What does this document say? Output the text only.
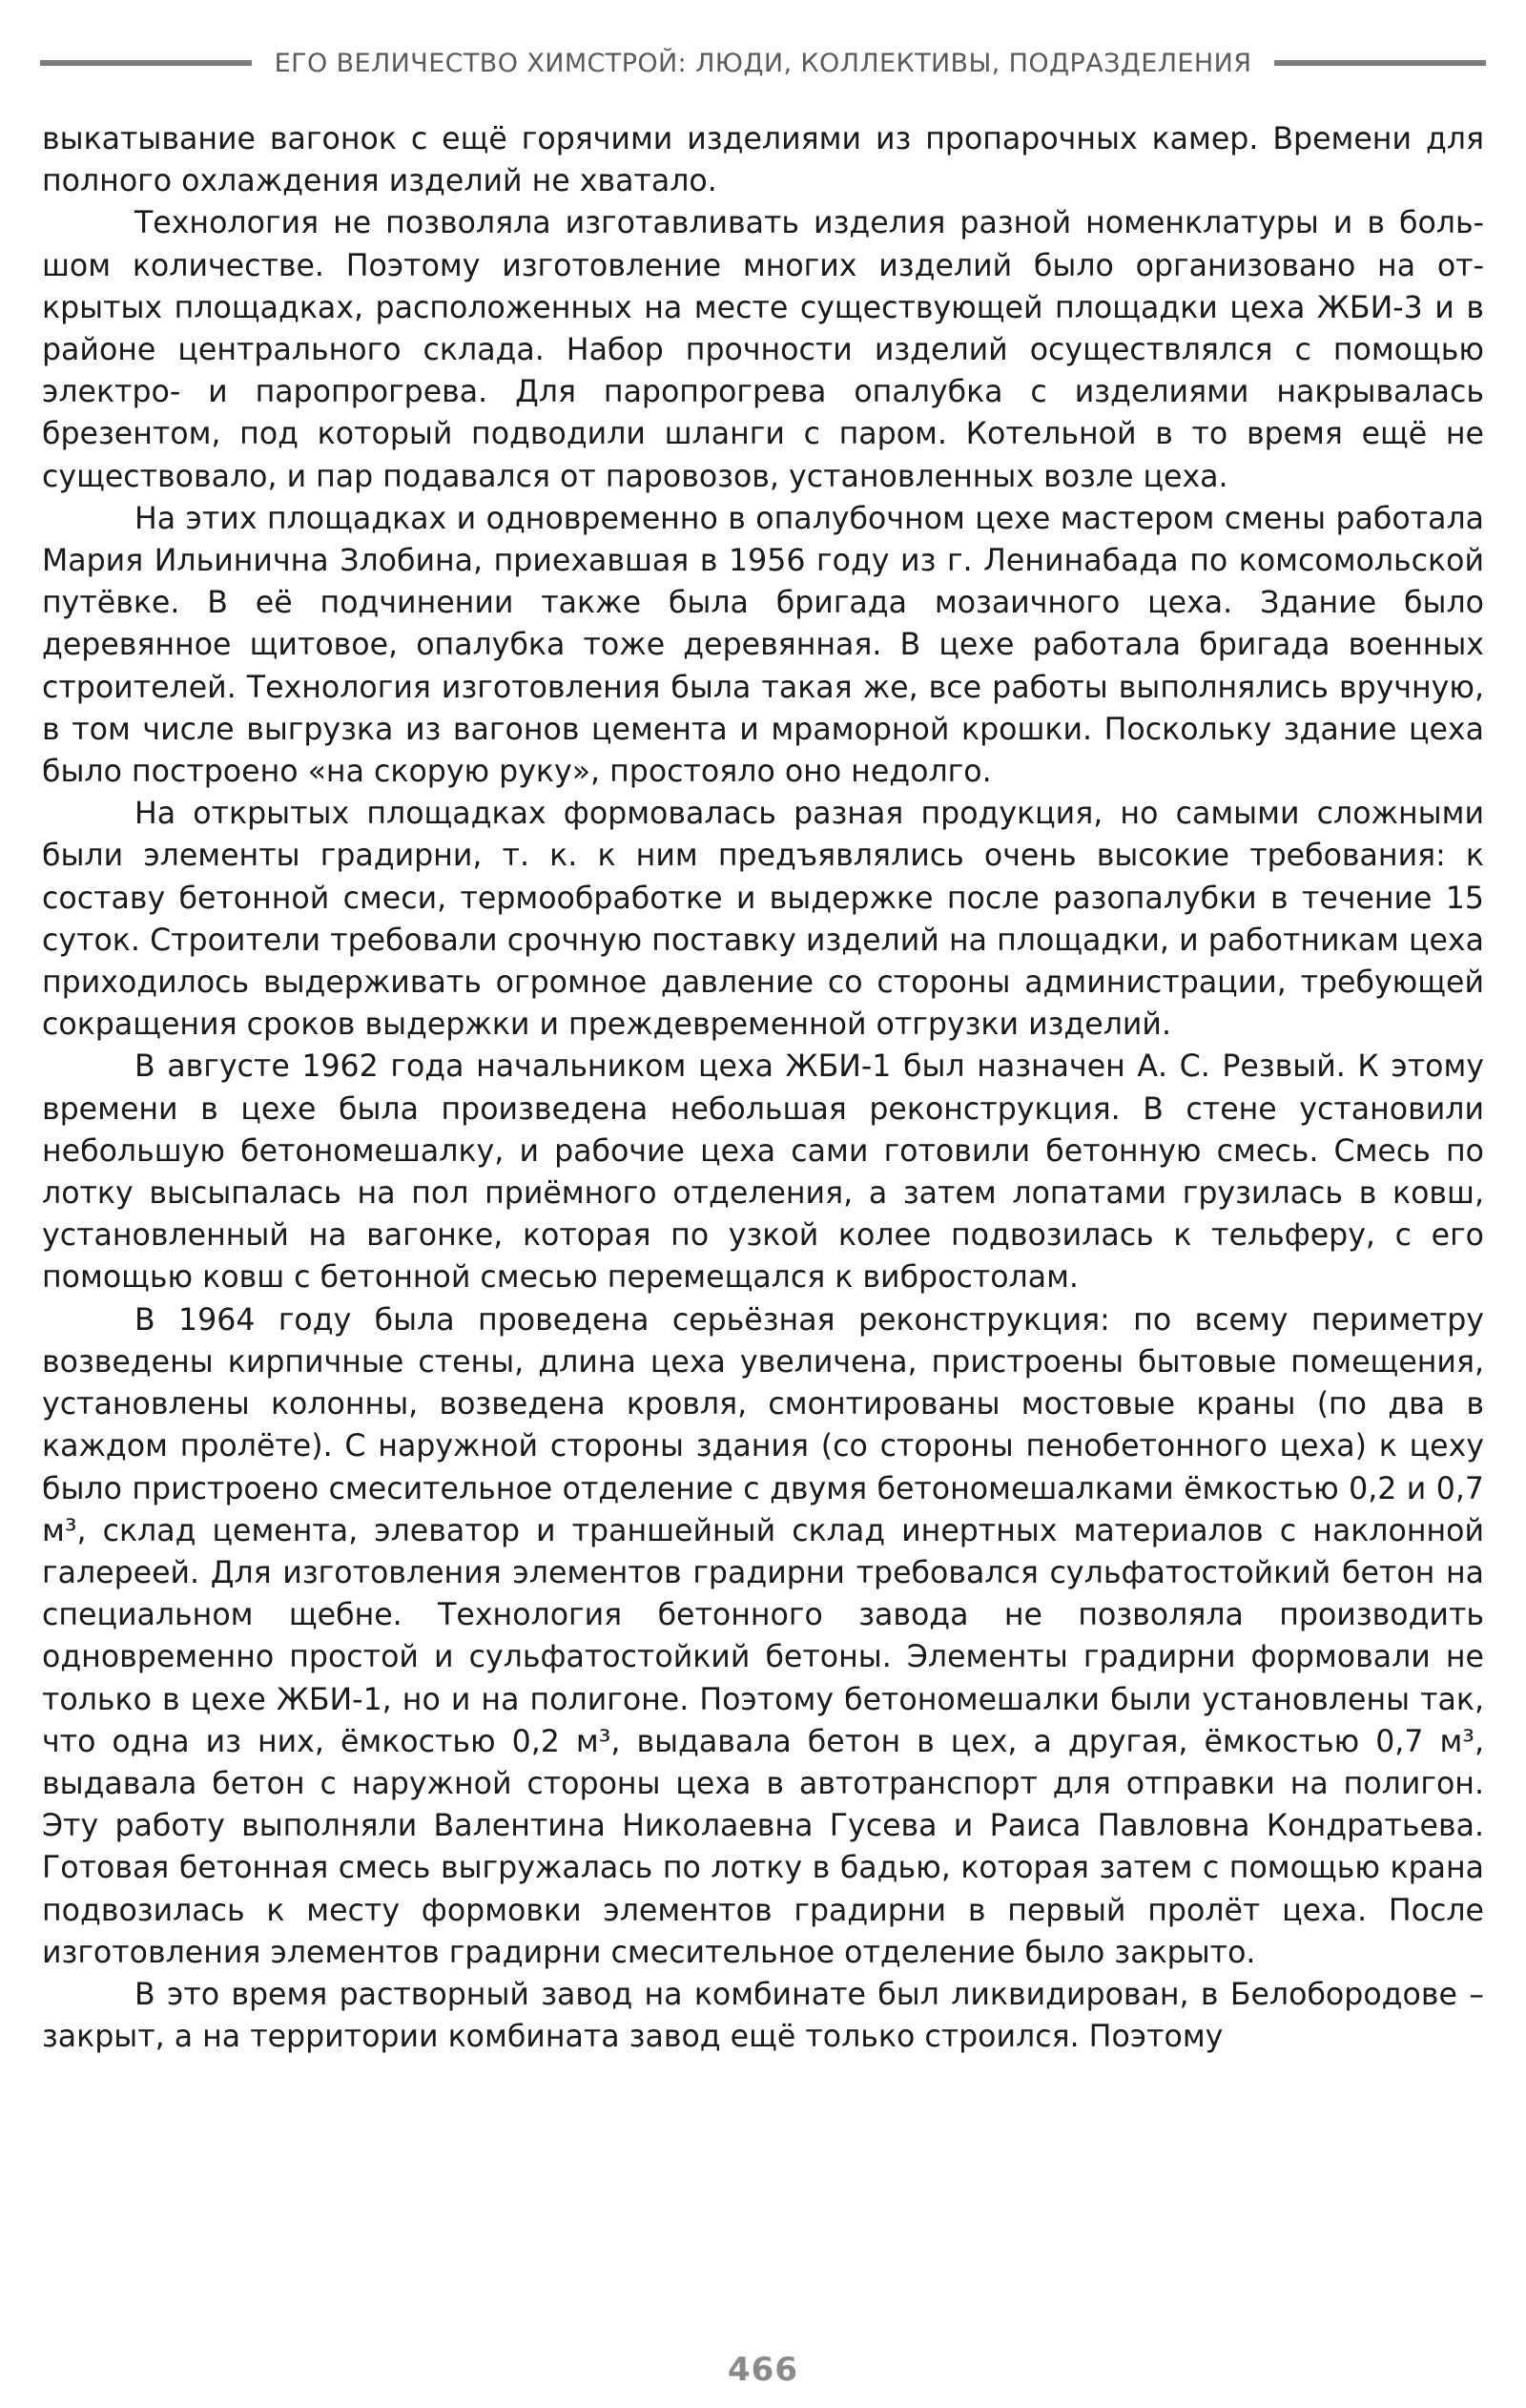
ЕГО ВЕЛИЧЕСТВО ХИМСТРОЙ: ЛЮДИ, КОЛЛЕКТИВЫ, ПОДРАЗДЕЛЕНИЯ

выкатывание вагонок с ещё горячими изделиями из пропарочных камер. Времени для полного охлаждения изделий не хватало.

Технология не позволяла изготавливать изделия разной номенклатуры и в большом количестве. Поэтому изготовление многих изделий было организовано на открытых площадках, расположенных на месте существующей площадки цеха ЖБИ-3 и в районе центрального склада. Набор прочности изделий осуществлялся с помощью электро- и паропрогрева. Для паропрогрева опалубка с изделиями накрывалась брезентом, под который подводили шланги с паром. Котельной в то время ещё не существовало, и пар подавался от паровозов, установленных возле цеха.

На этих площадках и одновременно в опалубочном цехе мастером смены работала Мария Ильинична Злобина, приехавшая в 1956 году из г. Ленинабада по комсомольской путёвке. В её подчинении также была бригада мозаичного цеха. Здание было деревянное щитовое, опалубка тоже деревянная. В цехе работала бригада военных строителей. Технология изготовления была такая же, все работы выполнялись вручную, в том числе выгрузка из вагонов цемента и мраморной крошки. Поскольку здание цеха было построено «на скорую руку», простояло оно недолго.

На открытых площадках формовалась разная продукция, но самыми сложными были элементы градирни, т. к. к ним предъявлялись очень высокие требования: к составу бетонной смеси, термообработке и выдержке после разопалубки в течение 15 суток. Строители требовали срочную поставку изделий на площадки, и работникам цеха приходилось выдерживать огромное давление со стороны администрации, требующей сокращения сроков выдержки и преждевременной отгрузки изделий.

В августе 1962 года начальником цеха ЖБИ-1 был назначен А. С. Резвый. К этому времени в цехе была произведена небольшая реконструкция. В стене установили небольшую бетономешалку, и рабочие цеха сами готовили бетонную смесь. Смесь по лотку высыпалась на пол приёмного отделения, а затем лопатами грузилась в ковш, установленный на вагонке, которая по узкой колее подвозилась к тельферу, с его помощью ковш с бетонной смесью перемещался к вибростолам.

В 1964 году была проведена серьёзная реконструкция: по всему периметру возведены кирпичные стены, длина цеха увеличена, пристроены бытовые помещения, установлены колонны, возведена кровля, смонтированы мостовые краны (по два в каждом пролёте). С наружной стороны здания (со стороны пенобетонного цеха) к цеху было пристроено смесительное отделение с двумя бетономешалками ёмкостью 0,2 и 0,7 м³, склад цемента, элеватор и траншейный склад инертных материалов с наклонной галереей. Для изготовления элементов градирни требовался сульфатостойкий бетон на специальном щебне. Технология бетонного завода не позволяла производить одновременно простой и сульфатостойкий бетоны. Элементы градирни формовали не только в цехе ЖБИ-1, но и на полигоне. Поэтому бетономешалки были установлены так, что одна из них, ёмкостью 0,2 м³, выдавала бетон в цех, а другая, ёмкостью 0,7 м³, выдавала бетон с наружной стороны цеха в автотранспорт для отправки на полигон. Эту работу выполняли Валентина Николаевна Гусева и Раиса Павловна Кондратьева. Готовая бетонная смесь выгружалась по лотку в бадью, которая затем с помощью крана подвозилась к месту формовки элементов градирни в первый пролёт цеха. После изготовления элементов градирни смесительное отделение было закрыто.

В это время растворный завод на комбинате был ликвидирован, в Белобородове – закрыт, а на территории комбината завод ещё только строился. Поэтому

466
